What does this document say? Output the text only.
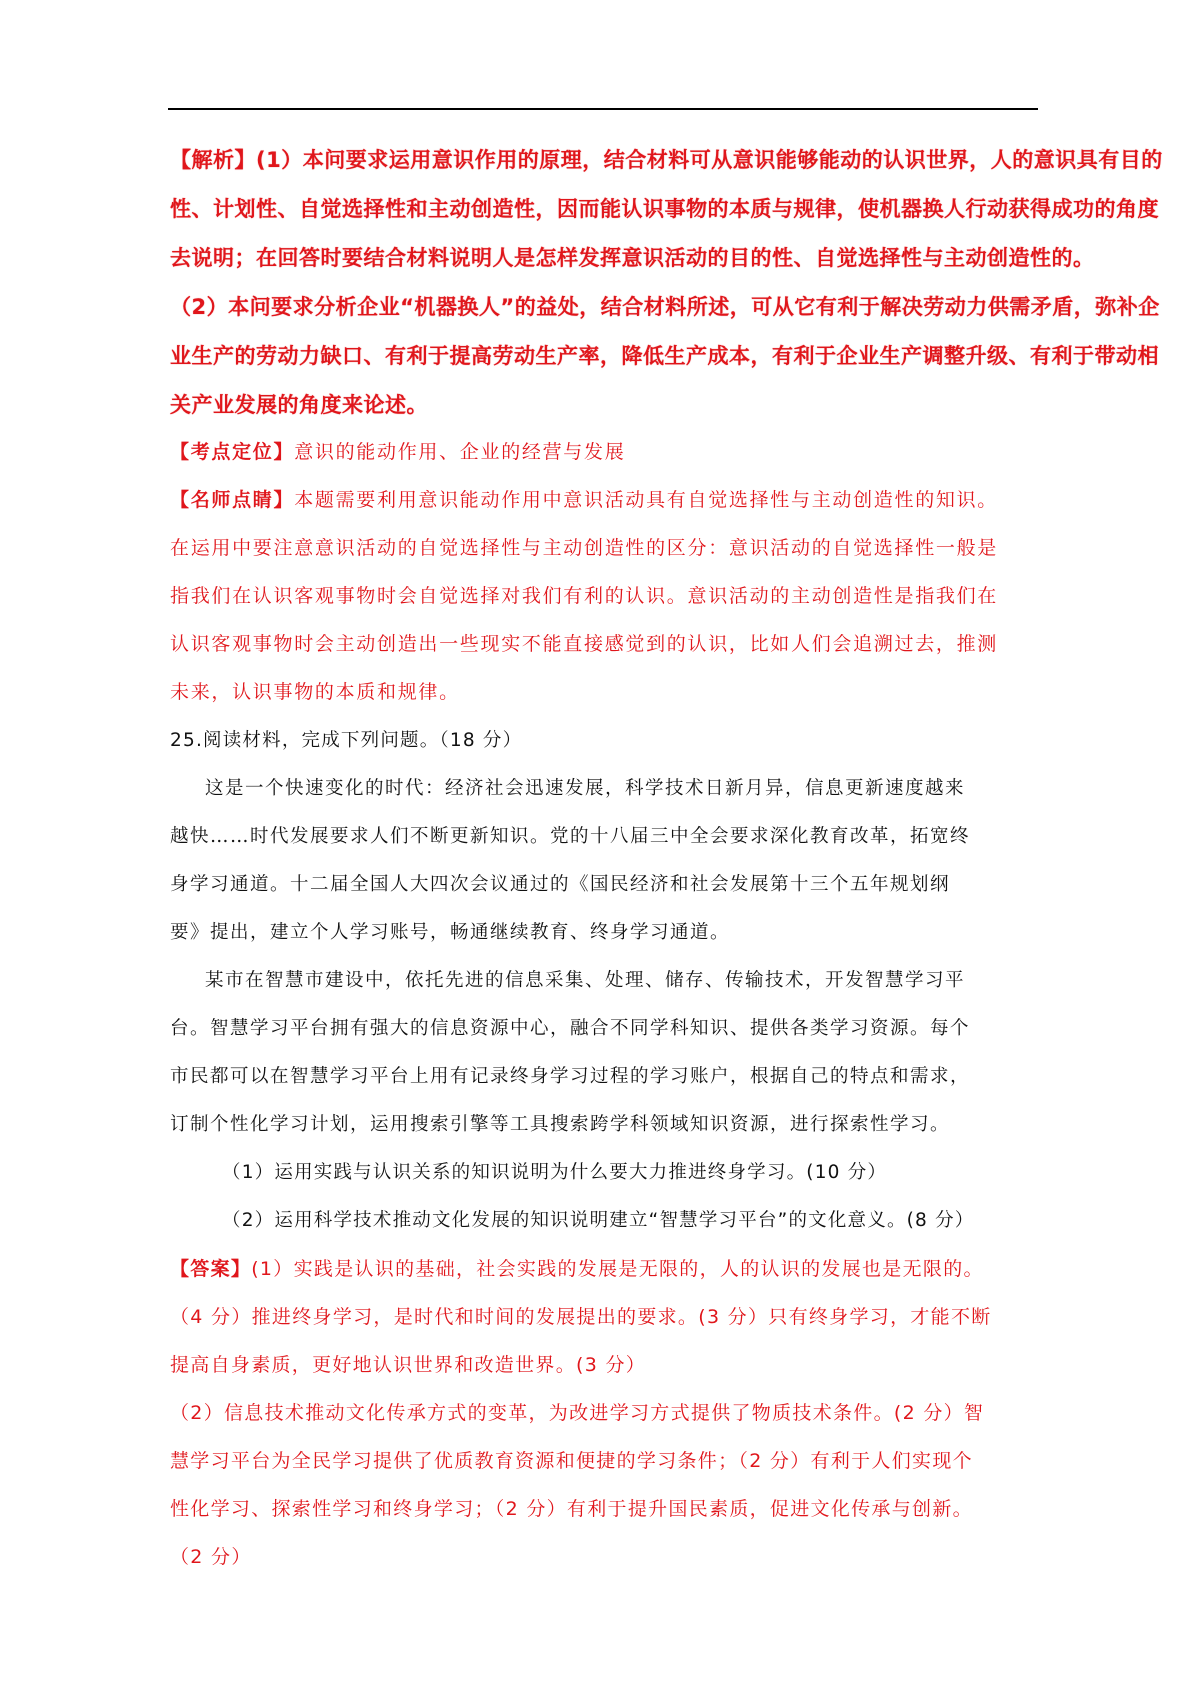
【解析】(1）本问要求运用意识作用的原理，结合材料可从意识能够能动的认识世界，人的意识具有目的
性、计划性、自觉选择性和主动创造性，因而能认识事物的本质与规律，使机器换人行动获得成功的角度
去说明；在回答时要结合材料说明人是怎样发挥意识活动的目的性、自觉选择性与主动创造性的。
（2）本问要求分析企业“机器换人”的益处，结合材料所述，可从它有利于解决劳动力供需矛盾，弥补企
业生产的劳动力缺口、有利于提高劳动生产率，降低生产成本，有利于企业生产调整升级、有利于带动相
关产业发展的角度来论述。
【考点定位】意识的能动作用、企业的经营与发展
【名师点睛】本题需要利用意识能动作用中意识活动具有自觉选择性与主动创造性的知识。
在运用中要注意意识活动的自觉选择性与主动创造性的区分：意识活动的自觉选择性一般是
指我们在认识客观事物时会自觉选择对我们有利的认识。意识活动的主动创造性是指我们在
认识客观事物时会主动创造出一些现实不能直接感觉到的认识，比如人们会追溯过去，推测
未来，认识事物的本质和规律。
25.阅读材料，完成下列问题。（18 分）
这是一个快速变化的时代：经济社会迅速发展，科学技术日新月异，信息更新速度越来
越快……时代发展要求人们不断更新知识。党的十八届三中全会要求深化教育改革，拓宽终
身学习通道。十二届全国人大四次会议通过的《国民经济和社会发展第十三个五年规划纲
要》提出，建立个人学习账号，畅通继续教育、终身学习通道。
某市在智慧市建设中，依托先进的信息采集、处理、储存、传输技术，开发智慧学习平
台。智慧学习平台拥有强大的信息资源中心，融合不同学科知识、提供各类学习资源。每个
市民都可以在智慧学习平台上用有记录终身学习过程的学习账户，根据自己的特点和需求，
订制个性化学习计划，运用搜索引擎等工具搜索跨学科领域知识资源，进行探索性学习。
（1）运用实践与认识关系的知识说明为什么要大力推进终身学习。(10 分）
（2）运用科学技术推动文化发展的知识说明建立“智慧学习平台”的文化意义。(8 分）
【答案】(1）实践是认识的基础，社会实践的发展是无限的，人的认识的发展也是无限的。
（4 分）推进终身学习，是时代和时间的发展提出的要求。(3 分）只有终身学习，才能不断
提高自身素质，更好地认识世界和改造世界。(3 分）
（2）信息技术推动文化传承方式的变革，为改进学习方式提供了物质技术条件。(2 分）智
慧学习平台为全民学习提供了优质教育资源和便捷的学习条件；（2 分）有利于人们实现个
性化学习、探索性学习和终身学习；（2 分）有利于提升国民素质，促进文化传承与创新。
（2 分）
